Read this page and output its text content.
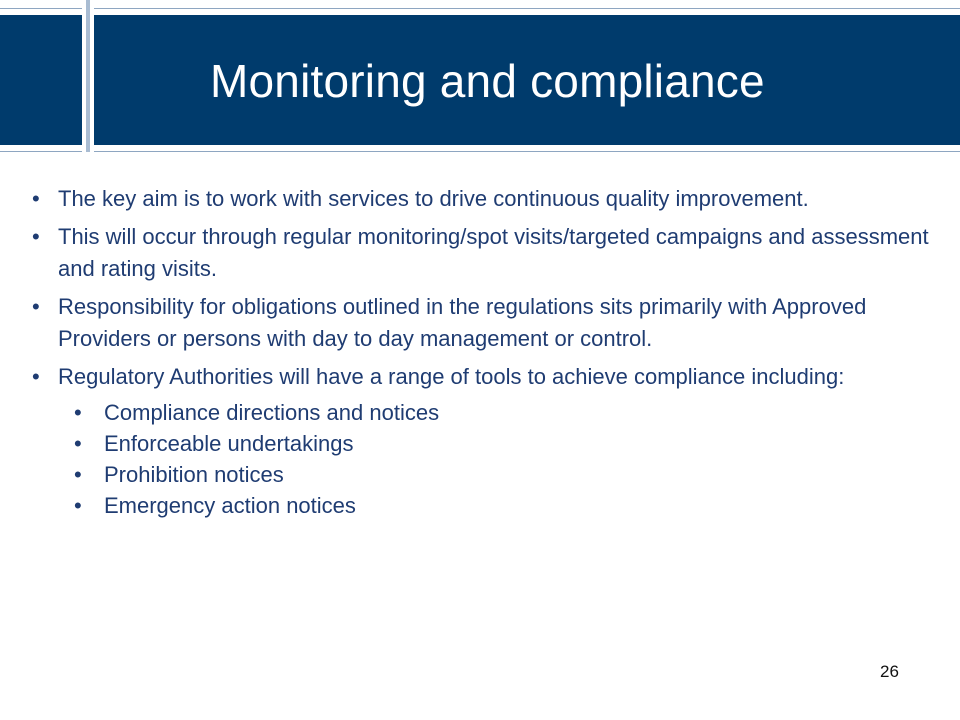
Monitoring and compliance
• The key aim is to work with services to drive continuous quality improvement.
• This will occur through regular monitoring/spot visits/targeted campaigns and assessment and rating visits.
• Responsibility for obligations outlined in the regulations sits primarily with Approved Providers or persons with day to day management or control.
• Regulatory Authorities will have a range of tools to achieve compliance including:
• Compliance directions and notices
• Enforceable undertakings
• Prohibition notices
• Emergency action notices
26
